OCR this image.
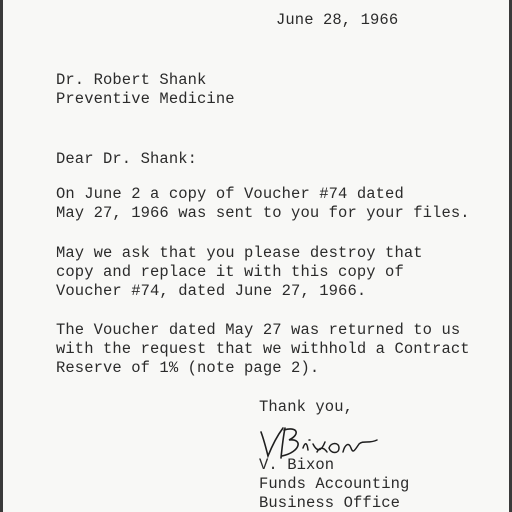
June 28, 1966
Dr. Robert Shank
Preventive Medicine
Dear Dr. Shank:
On June 2 a copy of Voucher #74 dated
May 27, 1966 was sent to you for your files.
May we ask that you please destroy that
copy and replace it with this copy of
Voucher #74, dated June 27, 1966.
The Voucher dated May 27 was returned to us
with the request that we withhold a Contract
Reserve of 1% (note page 2).
Thank you,
V. Bixon
Funds Accounting
Business Office
